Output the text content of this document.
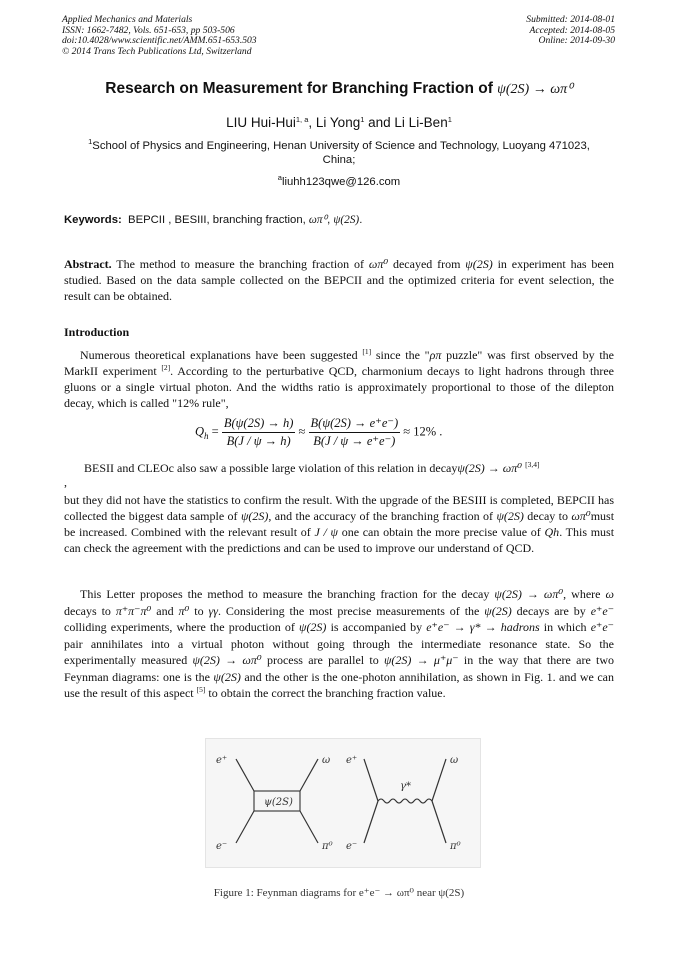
Applied Mechanics and Materials
ISSN: 1662-7482, Vols. 651-653, pp 503-506
doi:10.4028/www.scientific.net/AMM.651-653.503
© 2014 Trans Tech Publications Ltd, Switzerland
Submitted: 2014-08-01
Accepted: 2014-08-05
Online: 2014-09-30
Research on Measurement for Branching Fraction of ψ(2S) → ωπ⁰
LIU Hui-Hui$^{1, a}$, Li Yong$^1$ and Li Li-Ben$^1$
$^1$School of Physics and Engineering, Henan University of Science and Technology, Luoyang 471023, China;
$^a$liuhh123qwe@126.com
Keywords: BEPCII , BESIII, branching fraction, ωπ⁰, ψ(2S).
Abstract. The method to measure the branching fraction of ωπ⁰ decayed from ψ(2S) in experiment has been studied. Based on the data sample collected on the BEPCII and the optimized criteria for event selection, the result can be obtained.
Introduction
Numerous theoretical explanations have been suggested [1] since the "ρπ puzzle" was first observed by the MarkII experiment [2]. According to the perturbative QCD, charmonium decays to light hadrons through three gluons or a single virtual photon. And the widths ratio is approximately proportional to those of the dilepton decay, which is called "12% rule",
$Q_h = \frac{B(\psi(2S) \to h)}{B(J / \psi \to h)} \approx \frac{B(\psi(2S) \to e^+e^-)}{B(J / \psi \to e^+e^-)} \approx 12\%$ .
BESII and CLEOc also saw a possible large violation of this relation in decayψ(2S) → ωπ⁰ [3,4]
,
but they did not have the statistics to confirm the result. With the upgrade of the BESIII is completed, BEPCII has collected the biggest data sample of ψ(2S), and the accuracy of the branching fraction of ψ(2S) decay to ωπ⁰must be increased. Combined with the relevant result of J / ψ one can obtain the more precise value of Qh. This must can check the agreement with the predictions and can be used to improve our understand of QCD.
This Letter proposes the method to measure the branching fraction for the decay ψ(2S) → ωπ⁰, where ω decays to π⁺π⁻π⁰ and π⁰ to γγ. Considering the most precise measurements of the ψ(2S) decays are by e⁺e⁻ colliding experiments, where the production of ψ(2S) is accompanied by e⁺e⁻ → γ* → hadrons in which e⁺e⁻ pair annihilates into a virtual photon without going through the intermediate resonance state. So the experimentally measured ψ(2S) → ωπ⁰ process are parallel to ψ(2S) → μ⁺μ⁻ in the way that there are two Feynman diagrams: one is the ψ(2S) and the other is the one-photon annihilation, as shown in Fig. 1. and we can use the result of this aspect [5] to obtain the correct the branching fraction value.
e⁺
e⁻
ψ(2S)
ω
π⁰
e⁺
e⁻
γ*
ω
π⁰
Figure 1: Feynman diagrams for e⁺e⁻ → ωπ⁰ near ψ(2S)
